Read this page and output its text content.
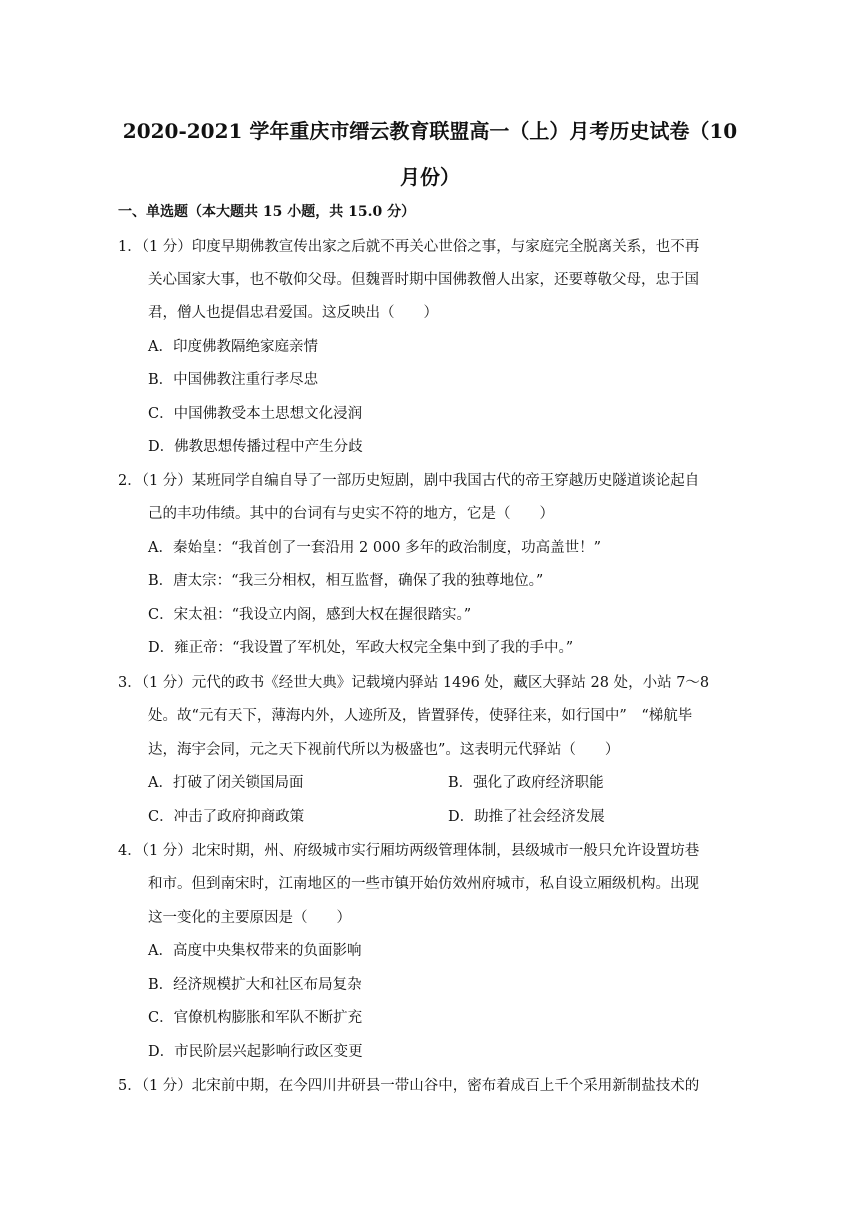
2020-2021 学年重庆市缙云教育联盟高一（上）月考历史试卷（10
月份）
一、单选题（本大题共 15 小题，共 15.0 分）
1．（1 分）印度早期佛教宣传出家之后就不再关心世俗之事，与家庭完全脱离关系，也不再
关心国家大事，也不敬仰父母。但魏晋时期中国佛教僧人出家，还要尊敬父母，忠于国
君，僧人也提倡忠君爱国。这反映出（　　）
A．印度佛教隔绝家庭亲情
B．中国佛教注重行孝尽忠
C．中国佛教受本土思想文化浸润
D．佛教思想传播过程中产生分歧
2．（1 分）某班同学自编自导了一部历史短剧，剧中我国古代的帝王穿越历史隧道谈论起自
己的丰功伟绩。其中的台词有与史实不符的地方，它是（　　）
A．秦始皇：“我首创了一套沿用 2 000 多年的政治制度，功高盖世！”
B．唐太宗：“我三分相权，相互监督，确保了我的独尊地位。”
C．宋太祖：“我设立内阁，感到大权在握很踏实。”
D．雍正帝：“我设置了军机处，军政大权完全集中到了我的手中。”
3．（1 分）元代的政书《经世大典》记载境内驿站 1496 处，藏区大驿站 28 处，小站 7～8
处。故“元有天下，薄海内外，人迹所及，皆置驿传，使驿往来，如行国中”　“梯航毕
达，海宇会同，元之天下视前代所以为极盛也”。这表明元代驿站（　　）
A．打破了闭关锁国局面	B．强化了政府经济职能
C．冲击了政府抑商政策	D．助推了社会经济发展
4．（1 分）北宋时期，州、府级城市实行厢坊两级管理体制，县级城市一般只允许设置坊巷
和市。但到南宋时，江南地区的一些市镇开始仿效州府城市，私自设立厢级机构。出现
这一变化的主要原因是（　　）
A．高度中央集权带来的负面影响
B．经济规模扩大和社区布局复杂
C．官僚机构膨胀和军队不断扩充
D．市民阶层兴起影响行政区变更
5．（1 分）北宋前中期，在今四川井研县一带山谷中，密布着成百上千个采用新制盐技术的
